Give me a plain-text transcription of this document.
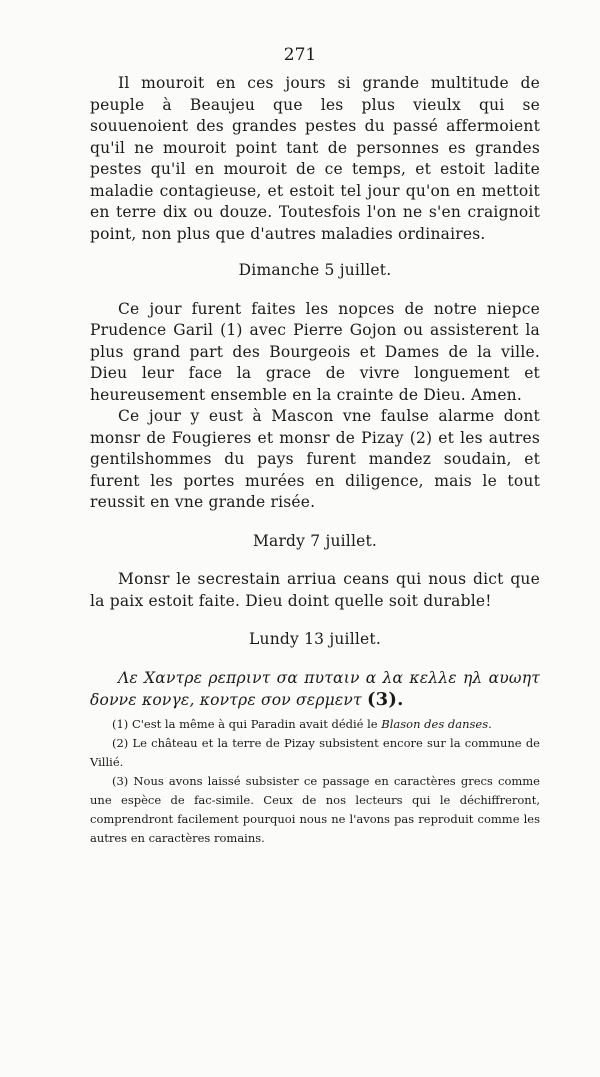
271

Il mouroit en ces jours si grande multitude de peuple à Beaujeu que les plus vieulx qui se souuenoient des grandes pestes du passé affermoient qu'il ne mouroit point tant de personnes es grandes pestes qu'il en mouroit de ce temps, et estoit ladite maladie contagieuse, et estoit tel jour qu'on en mettoit en terre dix ou douze. Toutesfois l'on ne s'en craignoit point, non plus que d'autres maladies ordinaires.

Dimanche 5 juillet.

Ce jour furent faites les nopces de notre niepce Prudence Garil (1) avec Pierre Gojon ou assisterent la plus grand part des Bourgeois et Dames de la ville. Dieu leur face la grace de vivre longuement et heureusement ensemble en la crainte de Dieu. Amen.

Ce jour y eust à Mascon vne faulse alarme dont monsr de Fougieres et monsr de Pizay (2) et les autres gentilshommes du pays furent mandez soudain, et furent les portes murées en diligence, mais le tout reussit en vne grande risée.

Mardy 7 juillet.

Monsr le secrestain arriua ceans qui nous dict que la paix estoit faite. Dieu doint quelle soit durable!

Lundy 13 juillet.

Λε Χαντρε ρεπριντ σα πυταιν α λα κελλε ηλ αυωητ δοννε κονγε, κοντρε σον σερμεντ (3).

(1) C'est la même à qui Paradin avait dédié le Blason des danses.

(2) Le château et la terre de Pizay subsistent encore sur la commune de Villié.

(3) Nous avons laissé subsister ce passage en caractères grecs comme une espèce de fac-simile. Ceux de nos lecteurs qui le déchiffreront, comprendront facilement pourquoi nous ne l'avons pas reproduit comme les autres en caractères romains.
